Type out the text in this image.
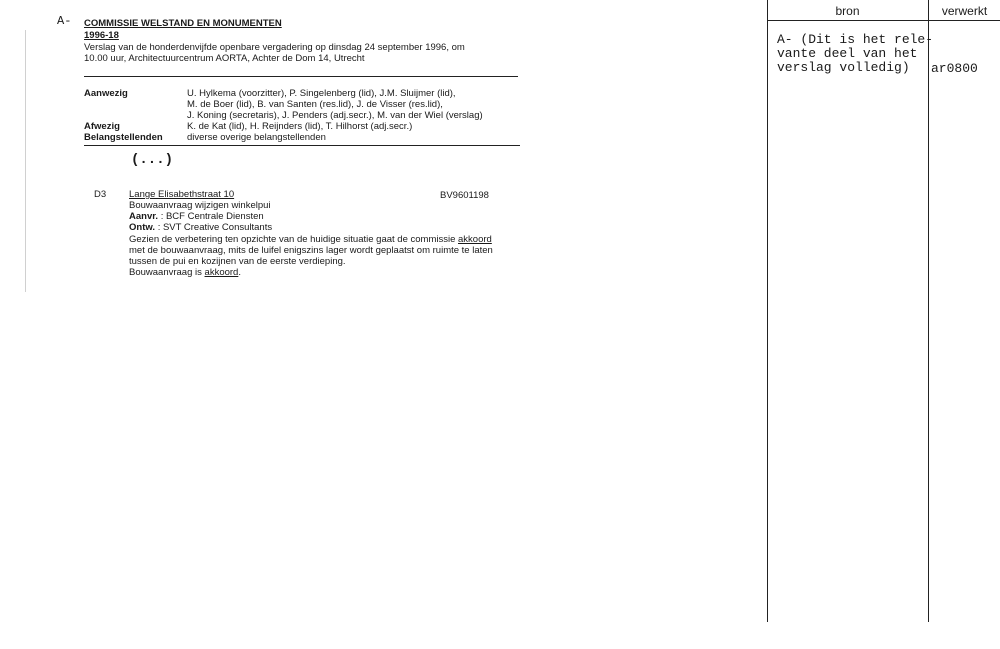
A- COMMISSIE WELSTAND EN MONUMENTEN
1996-18
Verslag van de honderdenvijfde openbare vergadering op dinsdag 24 september 1996, om
10.00 uur, Architectuurcentrum AORTA, Achter de Dom 14, Utrecht
Aanwezig	U. Hylkema (voorzitter), P. Singelenberg (lid), J.M. Sluijmer (lid),
M. de Boer (lid), B. van Santen (res.lid), J. de Visser (res.lid),
J. Koning (secretaris), J. Penders (adj.secr.), M. van der Wiel (verslag)
Afwezig	K. de Kat (lid), H. Reijnders (lid), T. Hilhorst (adj.secr.)
Belangstellenden	diverse overige belangstellenden
(...)
D3 Lange Elisabethstraat 10	BV9601198
Bouwaanvraag wijzigen winkelpui
Aanvr. : BCF Centrale Diensten
Ontw. : SVT Creative Consultants
Gezien de verbetering ten opzichte van de huidige situatie gaat de commissie akkoord
met de bouwaanvraag, mits de luifel enigszins lager wordt geplaatst om ruimte te laten
tussen de pui en kozijnen van de eerste verdieping.
Bouwaanvraag is akkoord.
bron	verwerkt
A- (Dit is het rele-
vante deel van het
verslag volledig)	ar0800
